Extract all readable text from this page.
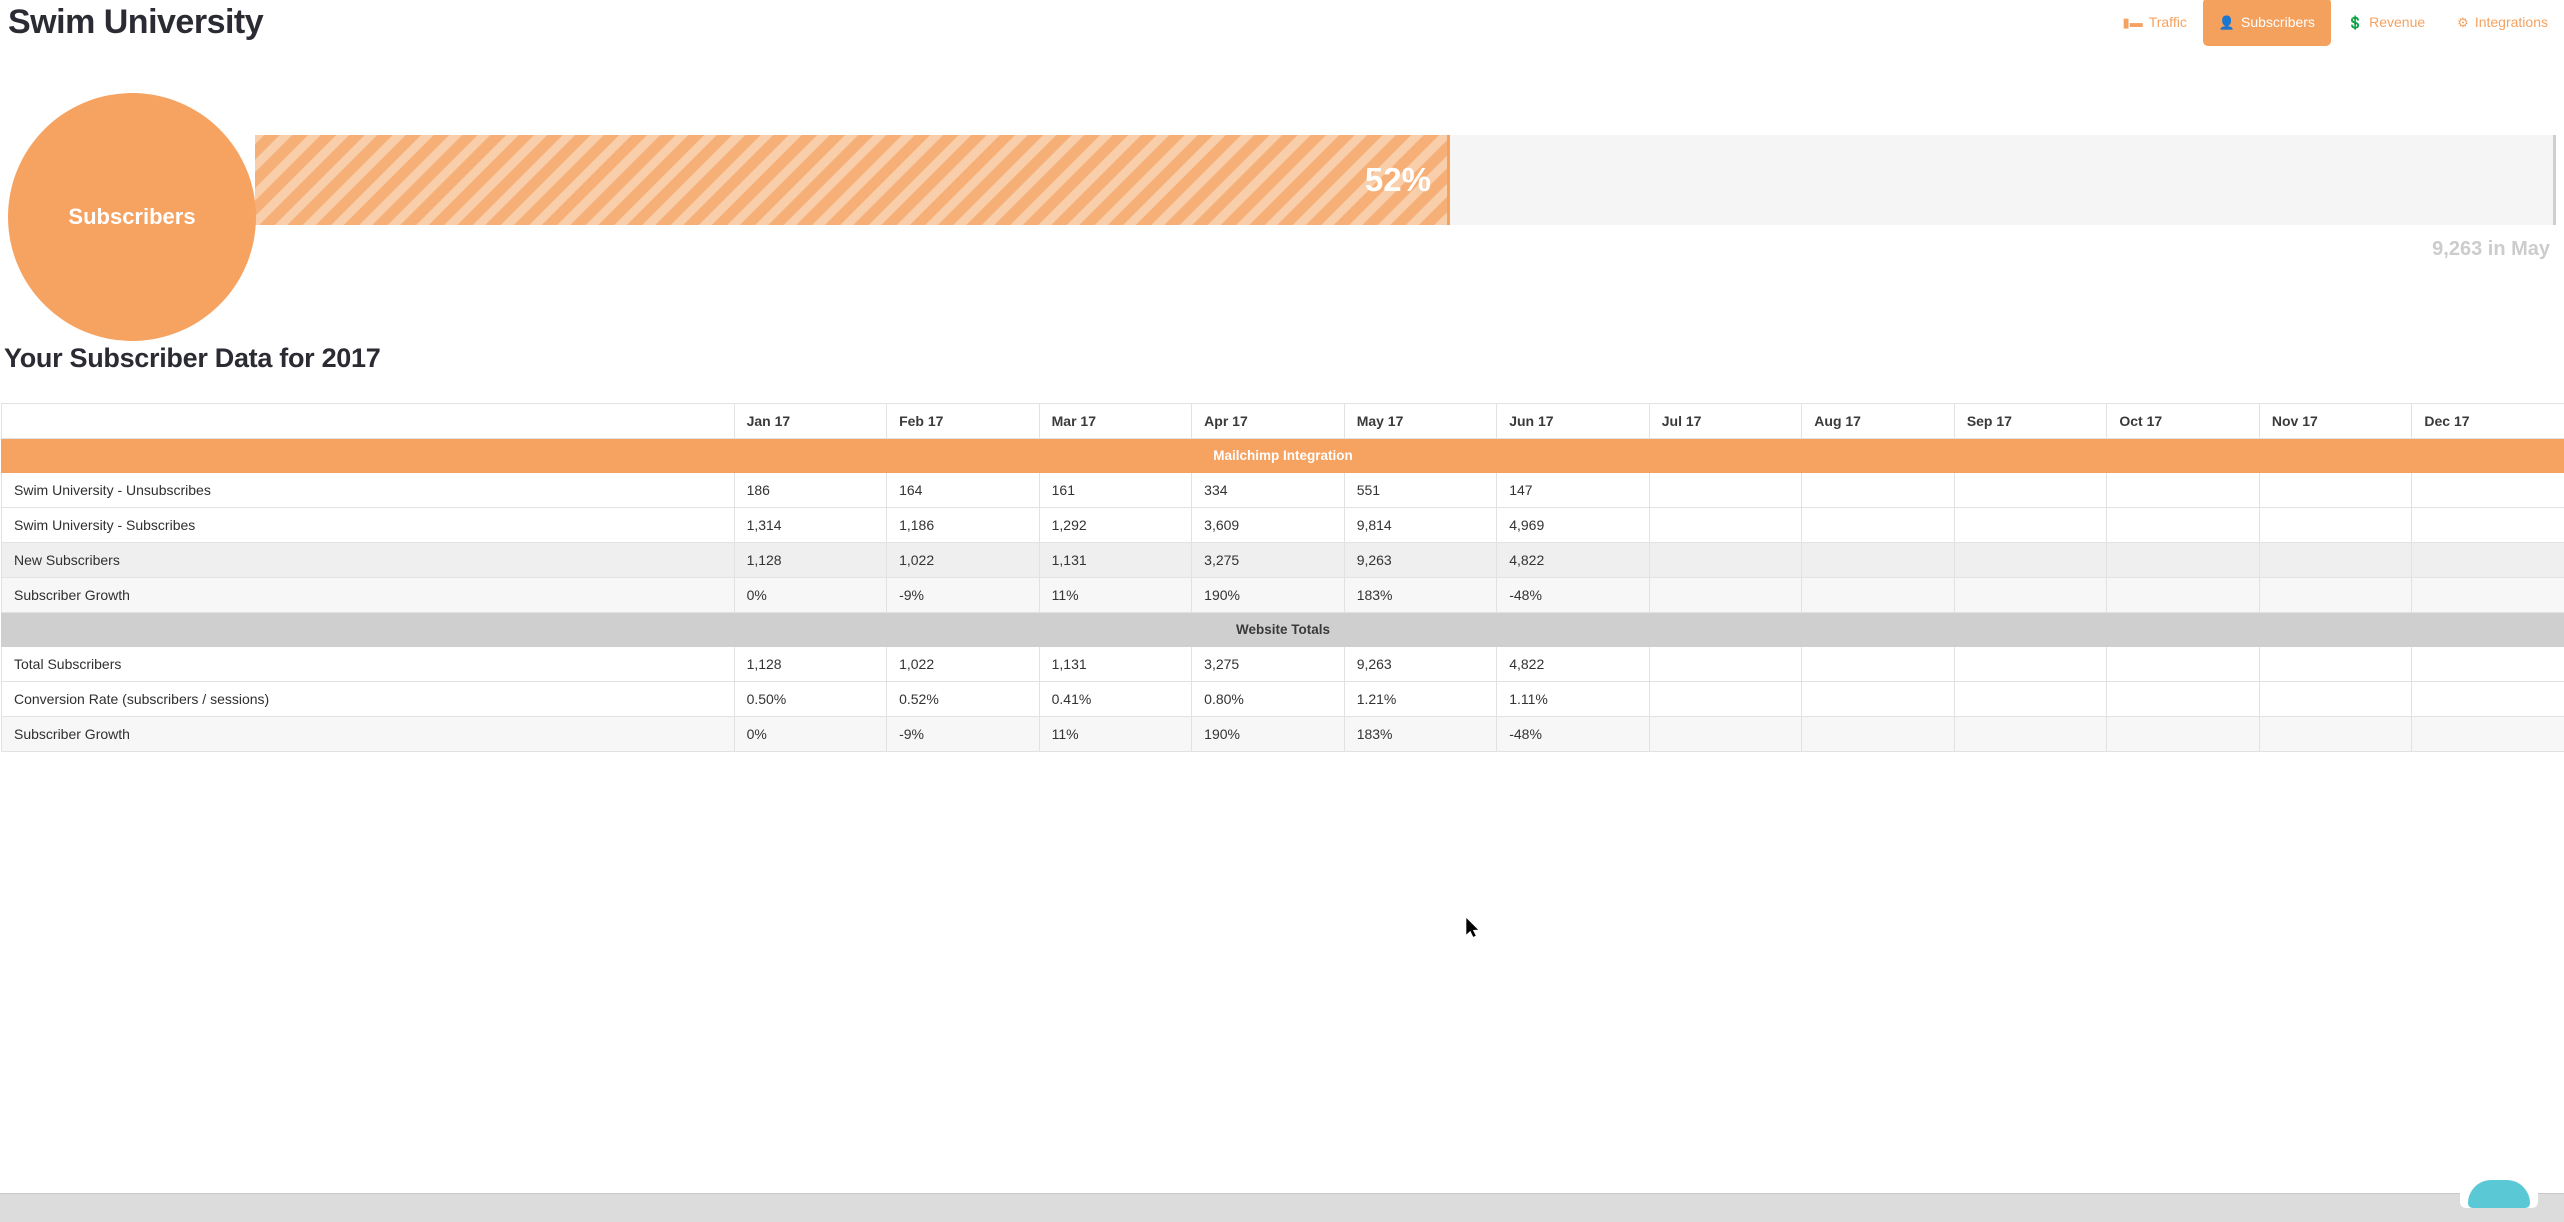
Swim University	▮▬ Traffic 👤 Subscribers 💲 Revenue ⚙ Integrations
52%
9,263 in May
Subscribers
Your Subscriber Data for 2017
	Jan 17	Feb 17	Mar 17	Apr 17	May 17	Jun 17	Jul 17	Aug 17	Sep 17	Oct 17	Nov 17	Dec 17
Mailchimp Integration												
Swim University - Unsubscribes	186	164	161	334	551	147						
Swim University - Subscribes	1,314	1,186	1,292	3,609	9,814	4,969						
New Subscribers	1,128	1,022	1,131	3,275	9,263	4,822						
Subscriber Growth	0%	-9%	11%	190%	183%	-48%						
Website Totals												
Total Subscribers	1,128	1,022	1,131	3,275	9,263	4,822						
Conversion Rate (subscribers / sessions)	0.50%	0.52%	0.41%	0.80%	1.21%	1.11%						
Subscriber Growth	0%	-9%	11%	190%	183%	-48%						
